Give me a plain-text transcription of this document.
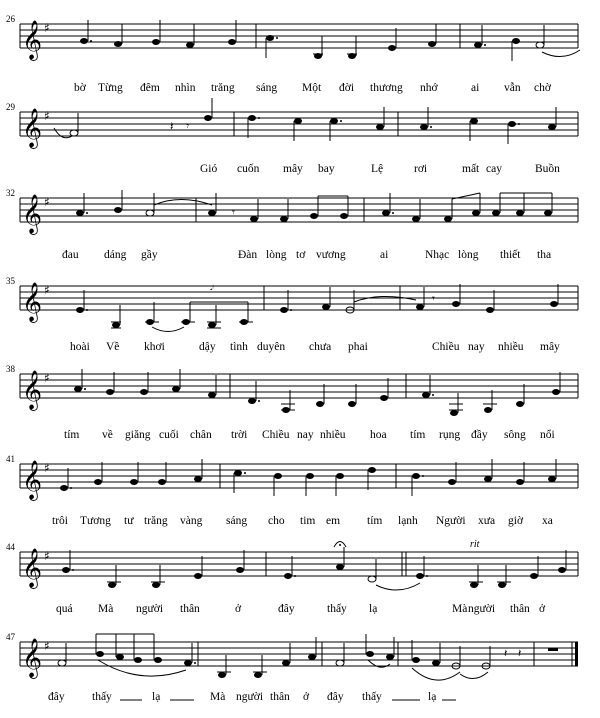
26
𝄞 ♯
bờ Từng đêm nhìn trăng sáng Một đời thương nhớ	ai vẫn chờ
29
𝄞 ♯
𝄽 𝄾
Gió cuốn mây bay	Lệ	rơi	mất cay	Buồn
32
𝄞 ♯
𝄾
đau dáng gầy	Đàn lòng tơ vương	ai	Nhạc lòng thiết tha
35
𝄞 ♯	𝆕
𝄾
hoài Về khơi	dậy tình duyên chưa phai	Chiều nay nhiều mây
38
𝄞 ♯
tím về giăng cuối chân trời Chiều nay nhiều hoa tím rụng đầy sông nổi
41
𝄞 ♯
trôi Tương tư trăng vàng sáng cho tim em tím lạnh Người xưa giờ xa
44	rit
𝄞 ♯
quá Mà người thân	ở	đây	thấy lạ	Mà người thân ở
47
𝄞 ♯
𝄽 𝄽
đây thấy	lạ	Mà người thân ở đây thấy	lạ
